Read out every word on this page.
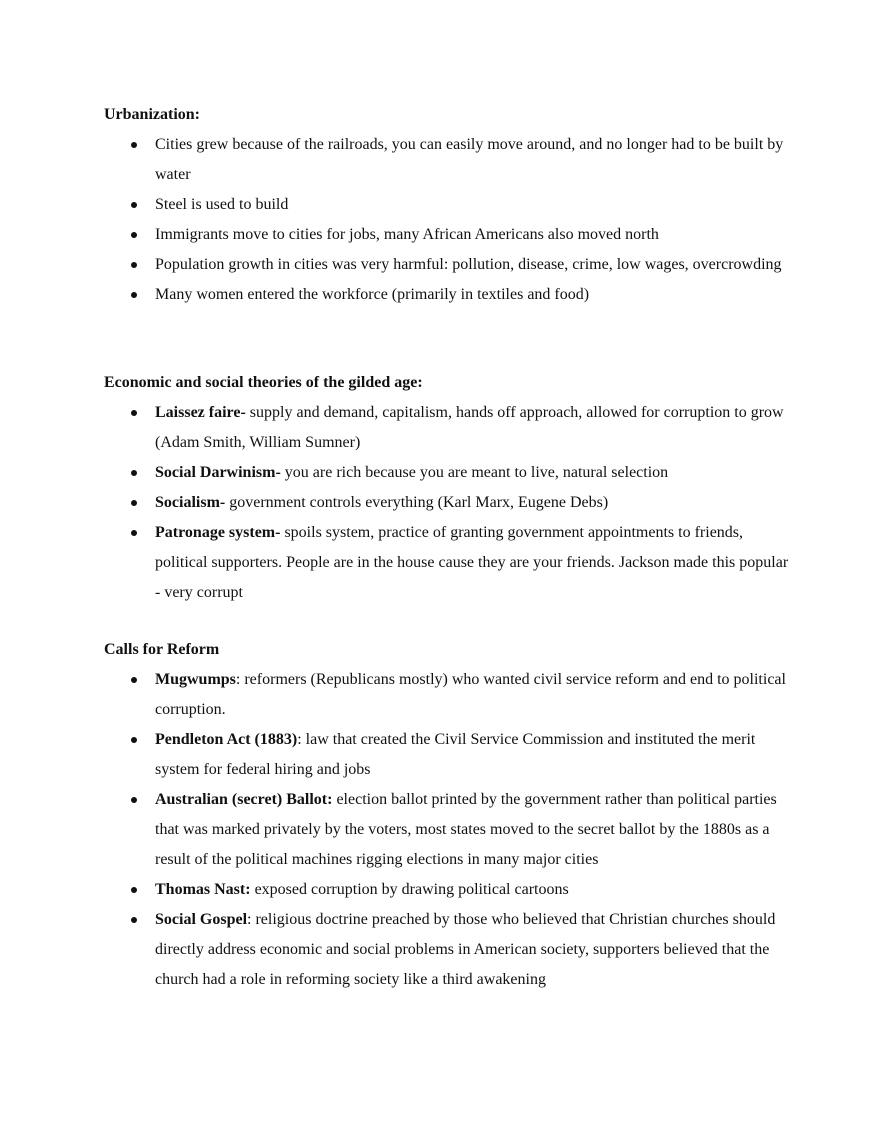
Urbanization:
Cities grew because of the railroads, you can easily move around, and no longer had to be built by water
Steel is used to build
Immigrants move to cities for jobs, many African Americans also moved north
Population growth in cities was very harmful: pollution, disease, crime, low wages, overcrowding
Many women entered the workforce (primarily in textiles and food)
Economic and social theories of the gilded age:
Laissez faire- supply and demand, capitalism, hands off approach, allowed for corruption to grow (Adam Smith, William Sumner)
Social Darwinism- you are rich because you are meant to live, natural selection
Socialism- government controls everything (Karl Marx, Eugene Debs)
Patronage system- spoils system, practice of granting government appointments to friends, political supporters. People are in the house cause they are your friends. Jackson made this popular - very corrupt
Calls for Reform
Mugwumps: reformers (Republicans mostly) who wanted civil service reform and end to political corruption.
Pendleton Act (1883): law that created the Civil Service Commission and instituted the merit system for federal hiring and jobs
Australian (secret) Ballot: election ballot printed by the government rather than political parties that was marked privately by the voters, most states moved to the secret ballot by the 1880s as a result of the political machines rigging elections in many major cities
Thomas Nast: exposed corruption by drawing political cartoons
Social Gospel: religious doctrine preached by those who believed that Christian churches should directly address economic and social problems in American society, supporters believed that the church had a role in reforming society like a third awakening
